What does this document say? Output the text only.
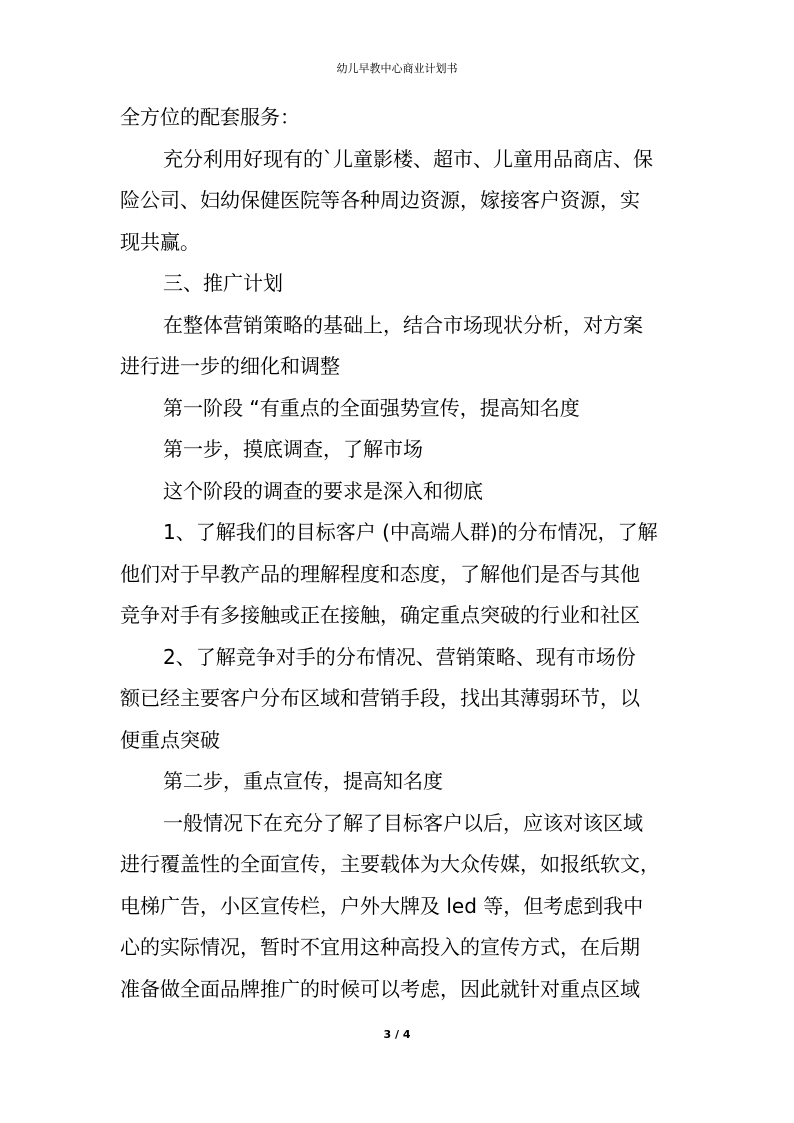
幼儿早教中心商业计划书
全方位的配套服务：
充分利用好现有的`儿童影楼、超市、儿童用品商店、保
险公司、妇幼保健医院等各种周边资源，嫁接客户资源，实
现共赢。
三、推广计划
在整体营销策略的基础上，结合市场现状分析，对方案
进行进一步的细化和调整
第一阶段 “有重点的全面强势宣传，提高知名度
第一步，摸底调查，了解市场
这个阶段的调查的要求是深入和彻底
1、了解我们的目标客户 (中高端人群)的分布情况，了解
他们对于早教产品的理解程度和态度，了解他们是否与其他
竞争对手有多接触或正在接触，确定重点突破的行业和社区
2、了解竞争对手的分布情况、营销策略、现有市场份
额已经主要客户分布区域和营销手段，找出其薄弱环节，以
便重点突破
第二步，重点宣传，提高知名度
一般情况下在充分了解了目标客户以后，应该对该区域
进行覆盖性的全面宣传，主要载体为大众传媒，如报纸软文，
电梯广告，小区宣传栏，户外大牌及 led 等，但考虑到我中
心的实际情况，暂时不宜用这种高投入的宣传方式，在后期
准备做全面品牌推广的时候可以考虑，因此就针对重点区域
3 / 4
